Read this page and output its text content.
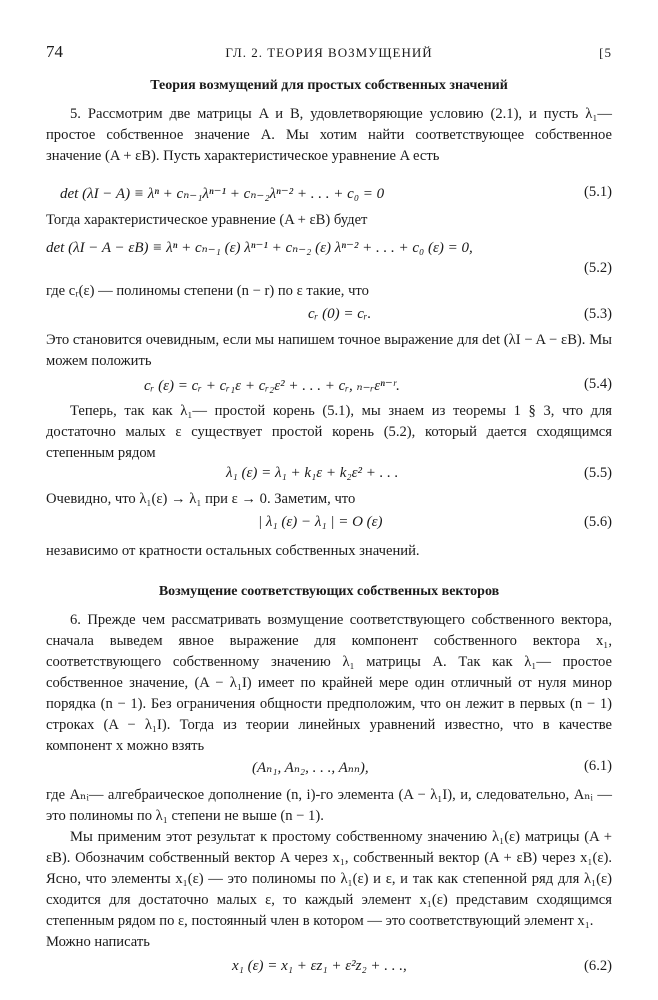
74	ГЛ. 2. ТЕОРИЯ ВОЗМУЩЕНИЙ	[5
Теория возмущений для простых собственных значений
5. Рассмотрим две матрицы A и B, удовлетворяющие условию (2.1), и пусть λ₁— простое собственное значение A. Мы хотим найти соответствующее собственное значение (A + εB). Пусть характеристическое уравнение A есть
det (λI − A) ≡ λⁿ + cₙ₋₁λⁿ⁻¹ + cₙ₋₂λⁿ⁻² + . . . + c₀ = 0	(5.1)
Тогда характеристическое уравнение (A + εB) будет
det (λI − A − εB) ≡ λⁿ + cₙ₋₁ (ε) λⁿ⁻¹ + cₙ₋₂ (ε) λⁿ⁻² + . . . + c₀ (ε) = 0,
(5.2)
где cᵣ(ε) — полиномы степени (n − r) по ε такие, что
cᵣ (0) = cᵣ.	(5.3)
Это становится очевидным, если мы напишем точное выражение для det (λI − A − εB). Мы можем положить
cᵣ (ε) = cᵣ + cᵣ₁ε + cᵣ₂ε² + . . . + cᵣ, ₙ₋ᵣεⁿ⁻ʳ.	(5.4)
Теперь, так как λ₁— простой корень (5.1), мы знаем из теоремы 1 § 3, что для достаточно малых ε существует простой корень (5.2), который дается сходящимся степенным рядом
λ₁ (ε) = λ₁ + k₁ε + k₂ε² + . . .	(5.5)
Очевидно, что λ₁(ε) → λ₁ при ε → 0. Заметим, что
| λ₁ (ε) − λ₁ | = O (ε)	(5.6)
независимо от кратности остальных собственных значений.
Возмущение соответствующих собственных векторов
6. Прежде чем рассматривать возмущение соответствующего собственного вектора, сначала выведем явное выражение для компонент собственного вектора x₁, соответствующего собственному значению λ₁ матрицы A. Так как λ₁— простое собственное значение, (A − λ₁I) имеет по крайней мере один отличный от нуля минор порядка (n − 1). Без ограничения общности предположим, что он лежит в первых (n − 1) строках (A − λ₁I). Тогда из теории линейных уравнений известно, что в качестве компонент x можно взять
(Aₙ₁, Aₙ₂, . . ., Aₙₙ),	(6.1)
где Aₙᵢ— алгебраическое дополнение (n, i)-го элемента (A − λ₁I), и, следовательно, Aₙᵢ —это полиномы по λ₁ степени не выше (n − 1).
Мы применим этот результат к простому собственному значению λ₁(ε) матрицы (A + εB). Обозначим собственный вектор A через x₁, собственный вектор (A + εB) через x₁(ε). Ясно, что элементы x₁(ε) — это полиномы по λ₁(ε) и ε, и так как степенной ряд для λ₁(ε) сходится для достаточно малых ε, то каждый элемент x₁(ε) представим сходящимся степенным рядом по ε, постоянный член в котором — это соответствующий элемент x₁.
Можно написать
x₁ (ε) = x₁ + εz₁ + ε²z₂ + . . .,	(6.2)
